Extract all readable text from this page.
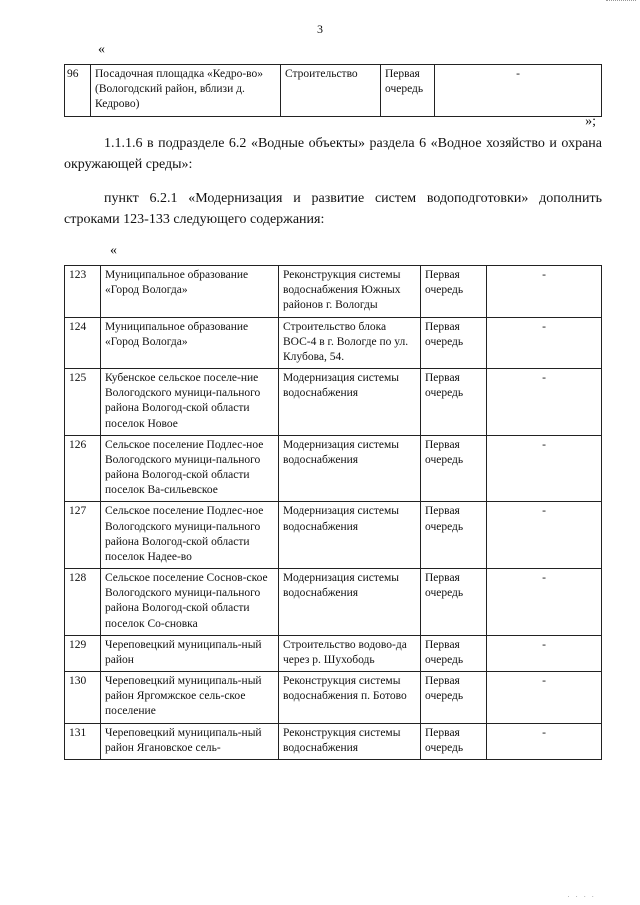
3
«
96	Посадочная площадка «Кедро-во» (Вологодский район, вблизи д. Кедрово)	Строительство	Первая очередь	-
»;

1.1.1.6 в подразделе 6.2 «Водные объекты» раздела 6 «Водное хозяйство и охрана окружающей среды»:

пункт 6.2.1 «Модернизация и развитие систем водоподготовки» дополнить строками 123-133 следующего содержания:

«
123	Муниципальное образование «Город Вологда»	Реконструкция системы водоснабжения Южных районов г. Вологды	Первая очередь	-
124	Муниципальное образование «Город Вологда»	Строительство блока ВОС-4 в г. Вологде по ул. Клубова, 54.	Первая очередь	-
125	Кубенское сельское поселе-ние Вологодского муници-пального района Вологод-ской области поселок Новое	Модернизация системы водоснабжения	Первая очередь	-
126	Сельское поселение Подлес-ное Вологодского муници-пального района Вологод-ской области поселок Ва-сильевское	Модернизация системы водоснабжения	Первая очередь	-
127	Сельское поселение Подлес-ное Вологодского муници-пального района Вологод-ской области поселок Надее-во	Модернизация системы водоснабжения	Первая очередь	-
128	Сельское поселение Соснов-ское Вологодского муници-пального района Вологод-ской области поселок Со-сновка	Модернизация системы водоснабжения	Первая очередь	-
129	Череповецкий муниципаль-ный район	Строительство водово-да через р. Шухободь	Первая очередь	-
130	Череповецкий муниципаль-ный район Яргомжское сель-ское поселение	Реконструкция системы водоснабжения п. Ботово	Первая очередь	-
131	Череповецкий муниципаль-ный район Ягановское сель-	Реконструкция системы водоснабжения	Первая очередь	-
· · · ·
